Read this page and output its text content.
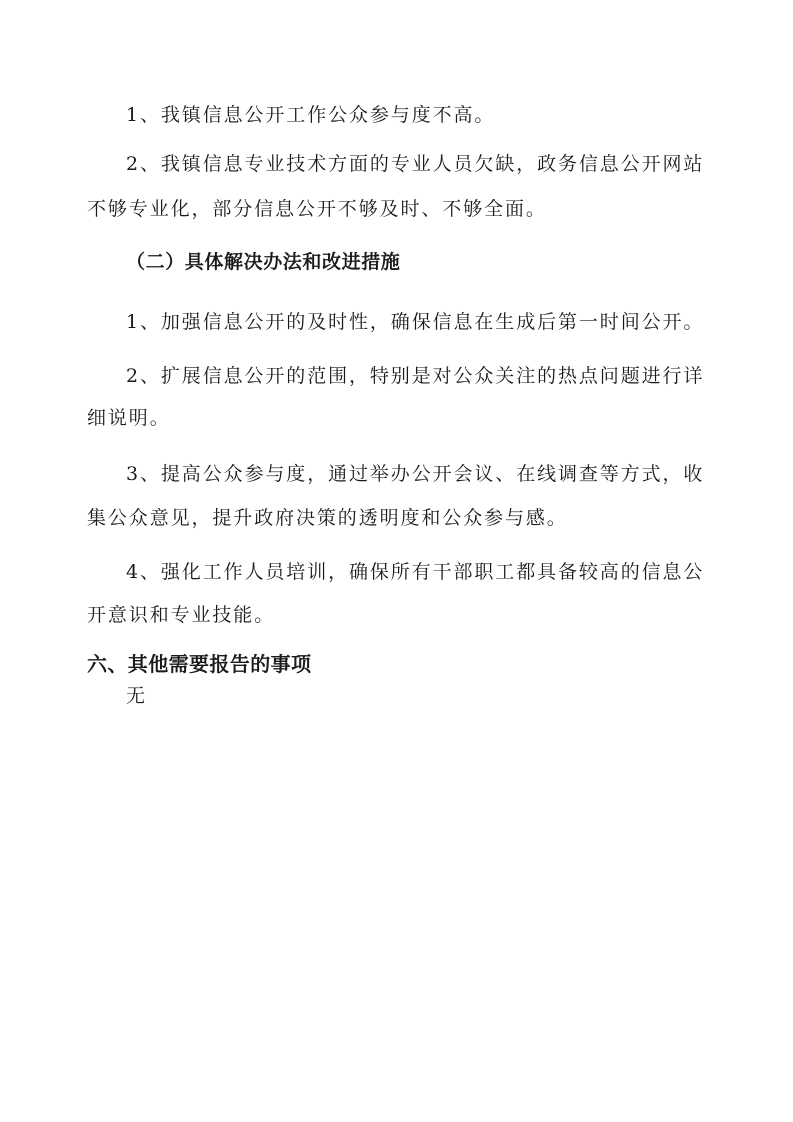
1、我镇信息公开工作公众参与度不高。
2、我镇信息专业技术方面的专业人员欠缺，政务信息公开网站
不够专业化，部分信息公开不够及时、不够全面。
（二）具体解决办法和改进措施
1、加强信息公开的及时性，确保信息在生成后第一时间公开。
2、扩展信息公开的范围，特别是对公众关注的热点问题进行详
细说明。
3、提高公众参与度，通过举办公开会议、在线调查等方式，收
集公众意见，提升政府决策的透明度和公众参与感。
4、强化工作人员培训，确保所有干部职工都具备较高的信息公
开意识和专业技能。
六、其他需要报告的事项
无
